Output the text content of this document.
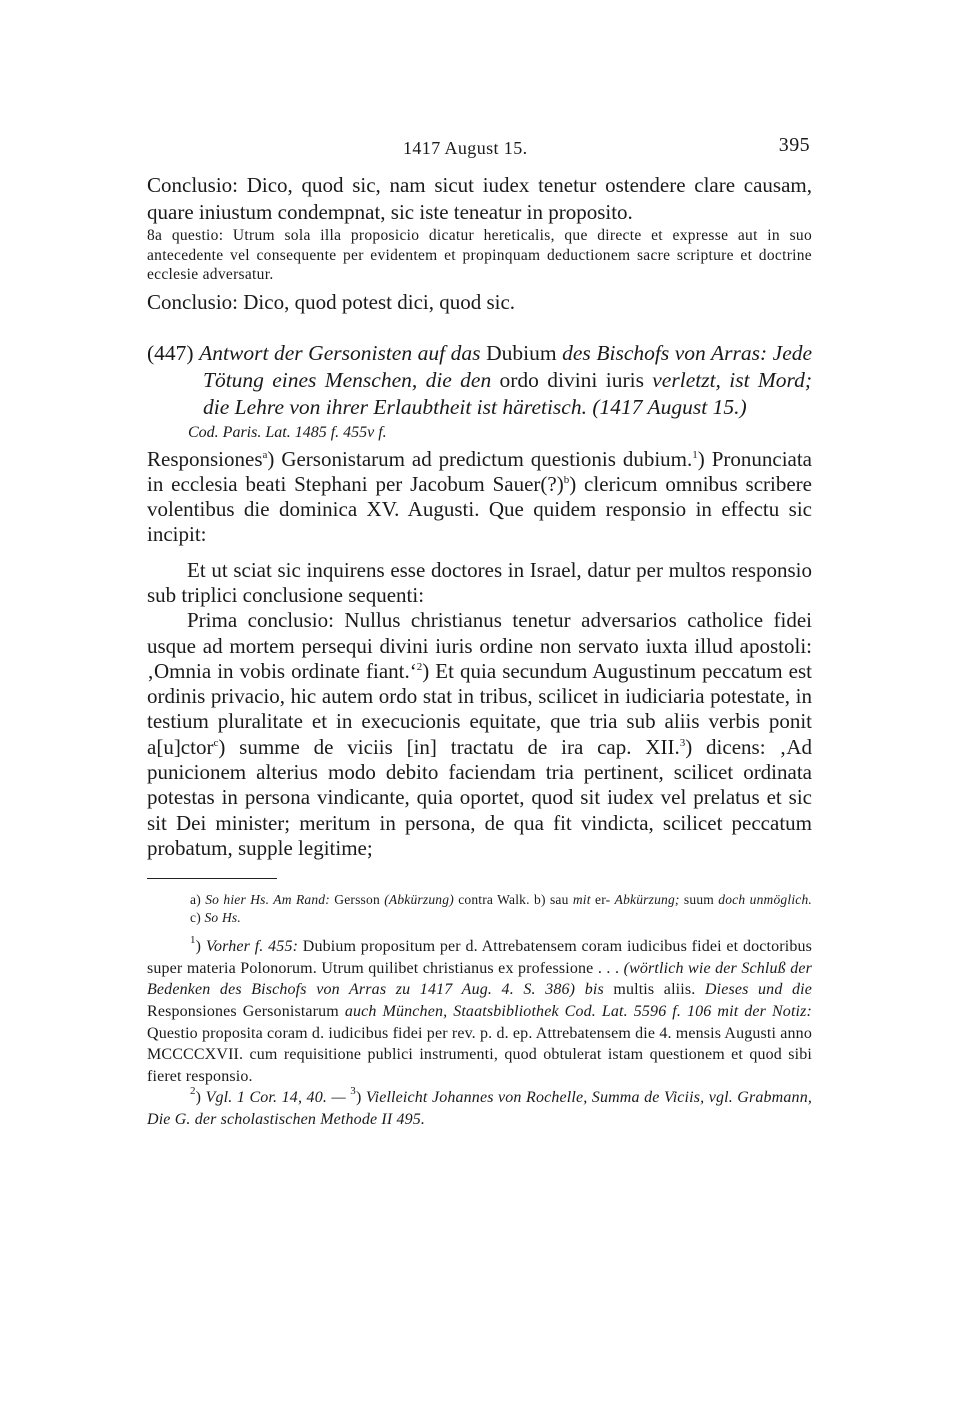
1417 August 15.	395

Conclusio: Dico, quod sic, nam sicut iudex tenetur ostendere clare causam, quare iniustum condempnat, sic iste teneatur in proposito.

8a questio: Utrum sola illa proposicio dicatur hereticalis, que directe et expresse aut in suo antecedente vel consequente per evidentem et propinquam deductionem sacre scripture et doctrine ecclesie adversatur.

Conclusio: Dico, quod potest dici, quod sic.

(447) Antwort der Gersonisten auf das Dubium des Bischofs von Arras: Jede Tötung eines Menschen, die den ordo divini iuris verletzt, ist Mord; die Lehre von ihrer Erlaubtheit ist häretisch. (1417 August 15.)

Cod. Paris. Lat. 1485 f. 455v f.

Responsiones$^a$) Gersonistarum ad predictum questionis dubium.$^1$) Pronunciata in ecclesia beati Stephani per Jacobum Sauer(?)$^b$) clericum omnibus scribere volentibus die dominica XV. Augusti. Que quidem responsio in effectu sic incipit:

Et ut sciat sic inquirens esse doctores in Israel, datur per multos responsio sub triplici conclusione sequenti:

Prima conclusio: Nullus christianus tenetur adversarios catholice fidei usque ad mortem persequi divini iuris ordine non servato iuxta illud apostoli: ‚Omnia in vobis ordinate fiant.‘$^2$) Et quia secundum Augustinum peccatum est ordinis privacio, hic autem ordo stat in tribus, scilicet in iudiciaria potestate, in testium pluralitate et in execucionis equitate, que tria sub aliis verbis ponit a[u]ctor$^c$) summe de viciis [in] tractatu de ira cap. XII.$^3$) dicens: ‚Ad punicionem alterius modo debito faciendam tria pertinent, scilicet ordinata potestas in persona vindicante, quia oportet, quod sit iudex vel prelatus et sic sit Dei minister; meritum in persona, de qua fit vindicta, scilicet peccatum probatum, supple legitime;

a) So hier Hs. Am Rand: Gersson (Abkürzung) contra Walk. b) sau mit er- Abkürzung; suum doch unmöglich. c) So Hs.

$^1$) Vorher f. 455: Dubium propositum per d. Attrebatensem coram iudicibus fidei et doctoribus super materia Polonorum. Utrum quilibet christianus ex professione . . . (wörtlich wie der Schluß der Bedenken des Bischofs von Arras zu 1417 Aug. 4. S. 386) bis multis aliis. Dieses und die Responsiones Gersonistarum auch München, Staatsbibliothek Cod. Lat. 5596 f. 106 mit der Notiz: Questio proposita coram d. iudicibus fidei per rev. p. d. ep. Attrebatensem die 4. mensis Augusti anno MCCCCXVII. cum requisitione publici instrumenti, quod obtulerat istam questionem et quod sibi fieret responsio.

$^2$) Vgl. 1 Cor. 14, 40. — $^3$) Vielleicht Johannes von Rochelle, Summa de Viciis, vgl. Grabmann, Die G. der scholastischen Methode II 495.
